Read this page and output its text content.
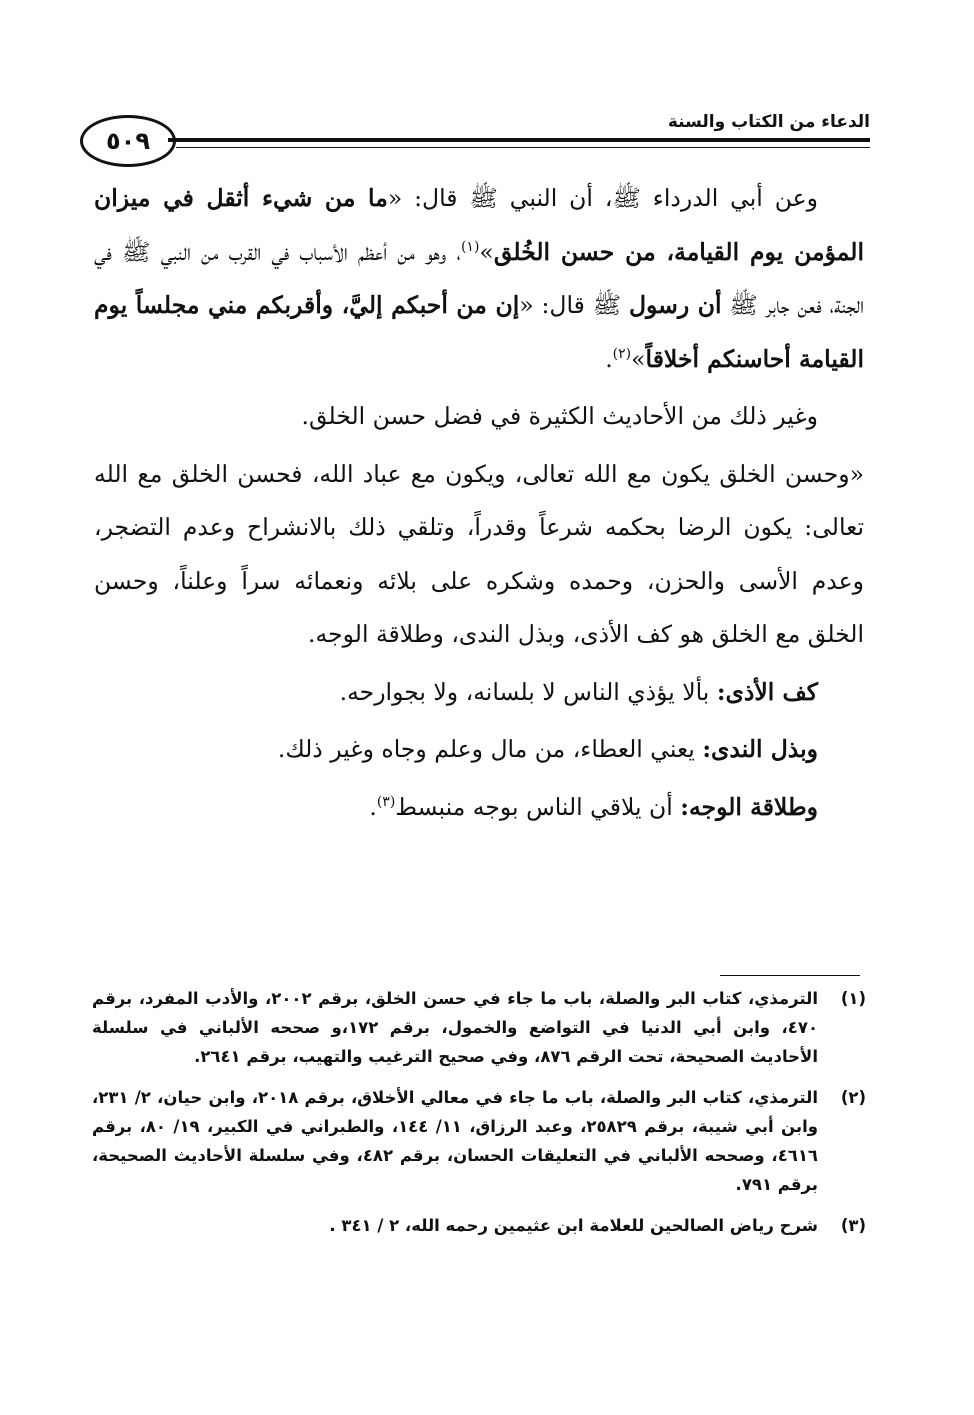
الدعاء من الكتاب والسنة
٥٠٩

وعن أبي الدرداء ﷺ، أن النبي ﷺ قال: «ما من شيء أثقل في ميزان المؤمن يوم القيامة، من حسن الخُلق»$^{(١)}$، وهو من أعظم الأسباب في القرب من النبي ﷺ في الجنة، فعن جابر ﷺ أن رسول ﷺ قال: «إن من أحبكم إليَّ، وأقربكم مني مجلساً يوم القيامة أحاسنكم أخلاقاً»$^{(٢)}$.

وغير ذلك من الأحاديث الكثيرة في فضل حسن الخلق.

«وحسن الخلق يكون مع الله تعالى، ويكون مع عباد الله، فحسن الخلق مع الله تعالى: يكون الرضا بحكمه شرعاً وقدراً، وتلقي ذلك بالانشراح وعدم التضجر، وعدم الأسى والحزن، وحمده وشكره على بلائه ونعمائه سراً وعلناً، وحسن الخلق مع الخلق هو كف الأذى، وبذل الندى، وطلاقة الوجه.

كف الأذى: بألا يؤذي الناس لا بلسانه، ولا بجوارحه.

وبذل الندى: يعني العطاء، من مال وعلم وجاه وغير ذلك.

وطلاقة الوجه: أن يلاقي الناس بوجه منبسط$^{(٣)}$.

(١)
الترمذي، كتاب البر والصلة، باب ما جاء في حسن الخلق، برقم ٢٠٠٢، والأدب المفرد، برقم ٤٧٠، وابن أبي الدنيا في التواضع والخمول، برقم ١٧٢،و صححه الألباني في سلسلة الأحاديث الصحيحة، تحت الرقم ٨٧٦، وفي صحيح الترغيب والتهيب، برقم ٢٦٤١.
(٢)
الترمذي، كتاب البر والصلة، باب ما جاء في معالي الأخلاق، برقم ٢٠١٨، وابن حيان، ٢/ ٢٣١، وابن أبي شيبة، برقم ٢٥٨٢٩، وعبد الرزاق، ١١/ ١٤٤، والطبراني في الكبير، ١٩/ ٨٠، برقم ٤٦١٦، وصححه الألباني في التعليقات الحسان، برقم ٤٨٢، وفي سلسلة الأحاديث الصحيحة، برقم ٧٩١.
(٣)
شرح رياض الصالحين للعلامة ابن عثيمين رحمه الله، ٢ / ٣٤١ .
